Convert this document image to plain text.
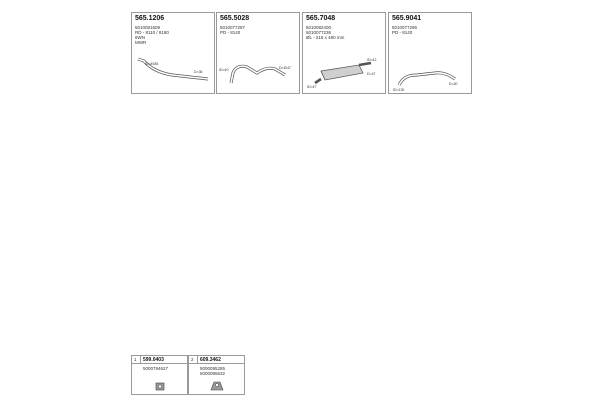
565.1206
5010081609
RD - 8110 / 8180
8WN
MWR
ID=4536
D=36
565.5028
5010077297
PD - 8140
ID=40	D=ID47
565.7048
5010082400
5010077236
ØL - 216 x 490 mm
ID=47
ID=42
D=47
565.9041
5010077296
PD - 8140
ID=130
D=40
1 599.0403
5000794627
2 609.3462
5000095285
5000095632
